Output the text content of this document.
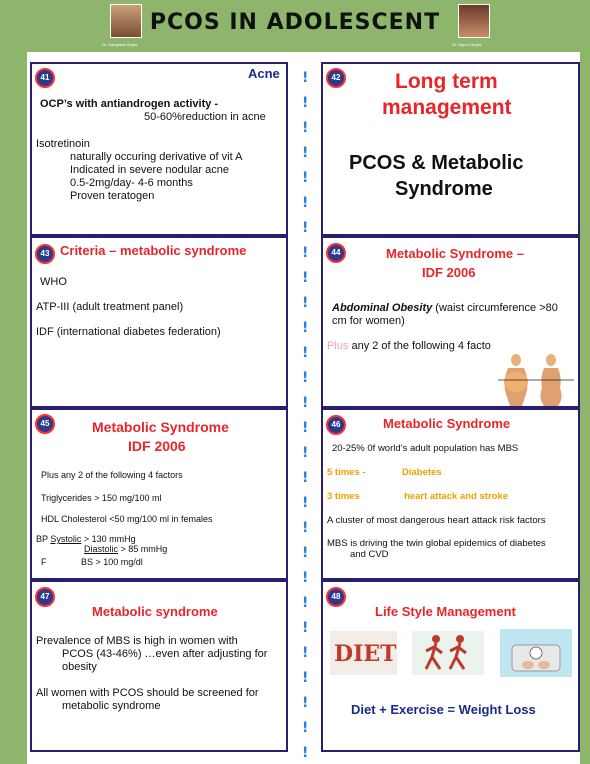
Dr. Sangeeta Gupta
PCOS IN ADOLESCENT
Dr. Nupur Gupta
41	Acne
OCP’s with antiandrogen activity -
50-60%reduction in acne
Isotretinoin
naturally occuring derivative of vit A
Indicated in severe nodular acne
0.5-2mg/day- 4-6 months
Proven teratogen
42	Long term
management
PCOS & Metabolic
Syndrome
43 Criteria – metabolic syndrome
WHO
ATP-III (adult treatment panel)
IDF (international diabetes federation)
44	Metabolic Syndrome –
IDF 2006
Abdominal Obesity (waist circumference >80
cm for women)
Plus any 2 of the following 4 facto
45	Metabolic Syndrome
IDF 2006
Plus any 2 of the following 4 factors
Triglycerides > 150 mg/100 ml
HDL Cholesterol <50 mg/100 ml in females
BP Systolic > 130 mmHg
Diastolic > 85 mmHg
F	BS > 100 mg/dl
46	Metabolic Syndrome
20-25% 0f world’s adult population has MBS
5 times -	Diabetes
3 times	heart attack and stroke
A cluster of most dangerous heart attack risk factors
MBS is driving the twin global epidemics of diabetes
and CVD
47
Metabolic syndrome
Prevalence of MBS is high in women with
PCOS (43-46%) …even after adjusting for
obesity
All women with PCOS should be screened for
metabolic syndrome
48
Life Style Management
DIET
Diet + Exercise = Weight Loss
!
!
!
!
!
!
!
!
!
!
!
!
!
!
!
!
!
!
!
!
!
!
!
!
!
!
!
!
